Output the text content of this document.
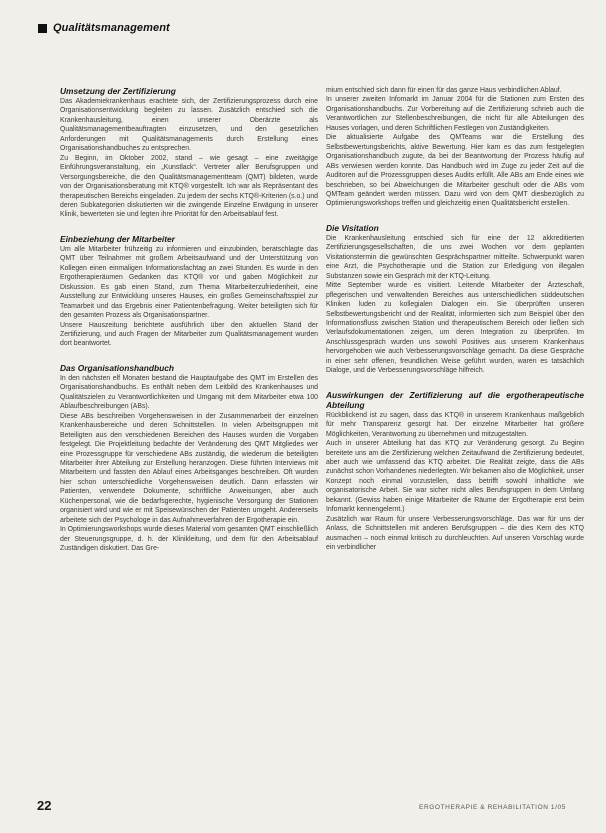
Qualitätsmanagement
Umsetzung der Zertifizierung

Das Akademiekrankenhaus erachtete sich, der Zertifizierungsprozess durch eine Organisationsentwicklung begleiten zu lassen. Zusätzlich entschied sich die Krankenhausleitung, einen unserer Oberärzte als Qualitätsmanagementbeauftragten einzusetzen, und den gesetzlichen Anforderungen mit Qualitätsmanagements durch Erstellung eines Organisationshandbuches zu entsprechen.

Zu Beginn, im Oktober 2002, stand – wie gesagt – eine zweitägige Einführungsveranstaltung, ein „Kunstlack“. Vertreter aller Berufsgruppen und Versorgungsbereiche, die den Qualitätsmanagementteam (QMT) bildeten, wurde von der Organisationsberatung mit KTQ® vorgestellt. Ich war als Repräsentant des therapeutischen Bereichs eingeladen. Zu jedem der sechs KTQ®-Kriterien (s.o.) und deren Subkategorien diskutierten wir die zwingende Einzelne Erwägung in unserer Klinik, bewerteten sie und legten ihre Priorität für den Arbeitsablauf fest.

Einbeziehung der Mitarbeiter

Um alle Mitarbeiter frühzeitig zu informieren und einzubinden, beratschlagte das QMT über Teilnahmer mit großem Arbeitsaufwand und der Unterstützung von Kollegen einen einmaligen Informationsfachtag an zwei Stunden. Es wurde in den Ergotherapieräumen Gedanken das KTQ® vor und gaben Möglichkeit zur Diskussion. Es gab einen Stand, zum Thema Mitarbeiterzufriedenheit, eine Ausstellung zur Entwicklung unseres Hauses, ein großes Gemeinschaftsspiel zur Teamarbeit und das Ergebnis einer Patientenbefragung. Weiter beteiligten sich für den gesamten Prozess als Organisationspartner.

Unsere Hauszeitung berichtete ausführlich über den aktuellen Stand der Zertifizierung, und auch Fragen der Mitarbeiter zum Qualitätsmanagement wurden dort beantwortet.

Das Organisationshandbuch

In den nächsten elf Monaten bestand die Hauptaufgabe des QMT im Erstellen des Organisationshandbuchs. Es enthält neben dem Leitbild des Krankenhauses und Qualitätszielen zu Verantwortlichkeiten und Umgang mit dem Mitarbeiter etwa 100 Ablaufbeschreibungen (ABs).

Diese ABs beschreiben Vorgehensweisen in der Zusammenarbeit der einzelnen Krankenhausbereiche und deren Schnittstellen. In vielen Arbeitsgruppen mit Beteiligten aus den verschiedenen Bereichen des Hauses wurden die Vorgaben festgelegt. Die Projektleitung bedachte der Veränderung des QMT Mitgliedes wer eine Prozessgruppe für verschiedene ABs zuständig, die wiederum die beteiligten Mitarbeiter ihrer Abteilung zur Erstellung heranzogen. Diese führten Interviews mit Mitarbeitern und fassten den Ablauf eines Arbeitsganges beschreiben. Oft wurden hier schon unterschiedliche Vorgehensweisen deutlich. Dann erfassten wir Patienten, verwendete Dokumente, schriftliche Anweisungen, aber auch Küchenpersonal, wie die bedarfsgerechte, hygienische Versorgung der Stationen organisiert wird und wie er mit Speisewünschen der Patienten umgeht. Andererseits arbeitete sich der Psychologe in das Aufnahmeverfahren der Ergotherapie ein.

In Optimierungsworkshops wurde dieses Material vom gesamten QMT einschließlich der Steuerungsgruppe, d. h. der Klinikleitung, und dem für den Arbeitsablauf Zuständigen diskutiert. Das Gre-

mium entschied sich dann für einen für das ganze Haus verbindlichen Ablauf.

In unserer zweiten Infomarkt im Januar 2004 für die Stationen zum Ersten des Organisationshandbuchs. Zur Vorbereitung auf die Zertifizierung schrieb auch die Verantwortlichen zur Stellenbeschreibungen, die nicht für alle Abteilungen des Hauses vorlagen, und deren Schriftlichen Festlegen von Zuständigkeiten.

Die aktualisierte Aufgabe des QMTeams war die Erstellung des Selbstbewertungsberichts, aktive Bewertung. Hier kam es das zum festgelegten Organisationshandbuch zugute, da bei der Beantwortung der Prozess häufig auf ABs verwiesen werden konnte. Das Handbuch wird im Zuge zu jeder Zeit auf die Auditoren auf die Prozessgruppen dieses Audits erfüllt. Alle ABs am Ende eines wie beschrieben, so bei Abweichungen die Mitarbeiter geschult oder die ABs vom QMTeam geändert werden müssen. Dazu wird von dem QMT diesbezüglich zu Optimierungsworkshops treffen und gleichzeitig einen Qualitätsbericht erstellen.

Die Visitation

Die Krankenhausleitung entschied sich für eine der 12 akkreditierten Zertifizierungsgesellschaften, die uns zwei Wochen vor dem geplanten Visitationstermin die gewünschten Gesprächspartner mitteilte. Schwerpunkt waren eine Arzt, die Psychotherapie und die Station zur Erledigung von illegalen Substanzen sowie ein Gespräch mit der KTQ-Leitung.

Mitte September wurde es visitiert. Leitende Mitarbeiter der Ärzteschaft, pflegerischen und verwaltenden Bereiches aus unterschiedlichen süddeutschen Kliniken luden zu kollegialen Dialogen ein. Sie überprüften unseren Selbstbewertungsbericht und der Realität, informierten sich zum Beispiel über den Informationsfluss zwischen Station und therapeutischem Bereich oder ließen sich Verlaufsdokumentationen zeigen, um deren Integration zu überprüfen. Im Anschlussgespräch wurden uns sowohl Positives aus unserem Krankenhaus hervorgehoben wie auch Verbesserungsvorschläge gemacht. Da diese Gespräche in einer sehr offenen, freundlichen Weise geführt wurden, waren es tatsächlich Dialoge, und die Verbesserungsvorschläge hilfreich.

Auswirkungen der Zertifizierung auf die ergotherapeutische Abteilung

Rückblickend ist zu sagen, dass das KTQ® in unserem Krankenhaus maßgeblich für mehr Transparenz gesorgt hat. Der einzelne Mitarbeiter hat größere Möglichkeiten, Verantwortung zu übernehmen und mitzugestalten.

Auch in unserer Abteilung hat das KTQ zur Veränderung gesorgt. Zu Beginn bereitete uns am die Zertifizierung welchen Zeitaufwand die Zertifizierung bedeutet, aber auch wie umfassend das KTQ arbeitet. Die Realität zeigte, dass die ABs zunächst schon Vorhandenes niederlegten. Wir bekamen also die Möglichkeit, unser Konzept noch einmal vorzustellen, dass betrifft sowohl inhaltliche wie organisatorische Arbeit. Sie war sicher nicht alles Berufsgruppen in dem Umfang bekannt. (Gewiss haben einige Mitarbeiter die Räume der Ergotherapie erst beim Infomarkt kennengelernt.)

Zusätzlich war Raum für unsere Verbesserungsvorschläge. Das war für uns der Anlass, die Schnittstellen mit anderen Berufsgruppen – die dies Kern des KTQ ausmachen – noch einmal kritisch zu durchleuchten. Auf unseren Vorschlag wurde ein verbindlicher

22	ERGOTHERAPIE & REHABILITATION 1/05
